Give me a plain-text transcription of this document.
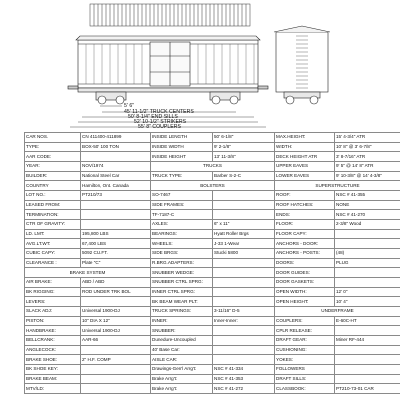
5' 6"
45' 11-1/2" TRUCK CENTERS
50' 8-1/4" END SILLS
52' 10-1/2" STRIKERS
55' 8" COUPLERS
CAR NOS.	CN 411400-411899	INSIDE LENGTH	50' 6-1/8"	MAX.HEIGHT:	15' 4-3/4" ATR
TYPE:	BOX-50' 100 TON	INSIDE WIDTH	9' 2-1/8"	WIDTH:	10' 8" @ 3' 6-7/8"
AAR CODE:		INSIDE HEIGHT	13' 11-3/8"	DECK HEIGHT ATR	3' 8-7/16" ATR
YEAR:	NOV/1974	TRUCKS		UPPER EAVES	9' 5" @ 14' 8" ATR
BUILDER:	National Steel Car	TRUCK TYPE:	Barber S-2-C	LOWER EAVES	9' 10-3/8" @ 14' 4-3/8"
COUNTRY	Hamilton, Ont. Canada	BOLSTERS		SUPERSTRUCTURE	
LOT NO.:	PT210/73	SO-7467		ROOF:	NSC # 41-355
LEASED FROM:		SIDE FRAMES:		ROOF HATCHES:	NONE
TERMINATION:		TF-7187-C		ENDS:	NSC # 41-270
CTR OF GRAVITY:		AXLES:	6" x 11"	FLOOR:	2-3/8" Wood
LD. LMT:	195,800 LBS	BEARINGS:	Hyatt Roller Brgs	FLOOR CAPY:	
AVG.LT.WT:	67,400 LBS	WHEELS:	J-33 1-Wear	ANCHORS - DOOR:	
CUBIC CAPY:	5092 CU.FT.	SIDE BRGS:	Stucki 5800	ANCHORS - POSTS:	(48)
CLEARANCE :	Plate "C"	R.BRG.ADAPTERS:		DOORS:	PLUG
BRAKE SYSTEM		SNUBBER WEDGE:		DOOR GUIDES:	
AIR BRAKE:	ABD / ABD	SNUBBER CTRL SPRG:		DOOR GASKETS:	
BK RIGGING:	ROD UNDER TRK BOL	INNER CTRL SPRG:		OPEN WIDTH:	12' 0"
LEVERS:		BK BEAM WEAR PLT:		OPEN HEIGHT:	10' 4"
SLACK ADJ:	Universal 1900-DJ	TRUCK SPRINGS:	3-11/16" D-5	UNDERFRAME	
PISTON:	10" DIA X 12"	INNER:	Inner-Inner:	COUPLERS:	E-60C-HT
HANDBRAKE:	Universal 1900-DJ	SNUBBER:		CPLR RELEASE:	
BELLCRANK:	AAR-66	Dunedure-Uncoupled		DRAFT GEAR:	Miner RF-444
ANGLECOCK:		40' Base Car:		CUSHIONING:	
BRAKE SHOE:	2" H.F. COMP	AISLE CAR:		YOKES:	
BK SHOE KEY:		Drawings-Gen'l Arrg't:	NSC # 41-334	FOLLOWERS	
BRAKE BEAM:		Brake Arrg't:	NSC # 41-353	DRAFT SILLS:	
MTV/LD:		Brake Arrg't:	NSC # 41-272	CLASSBOOK:	PT210-73-01 CAR
